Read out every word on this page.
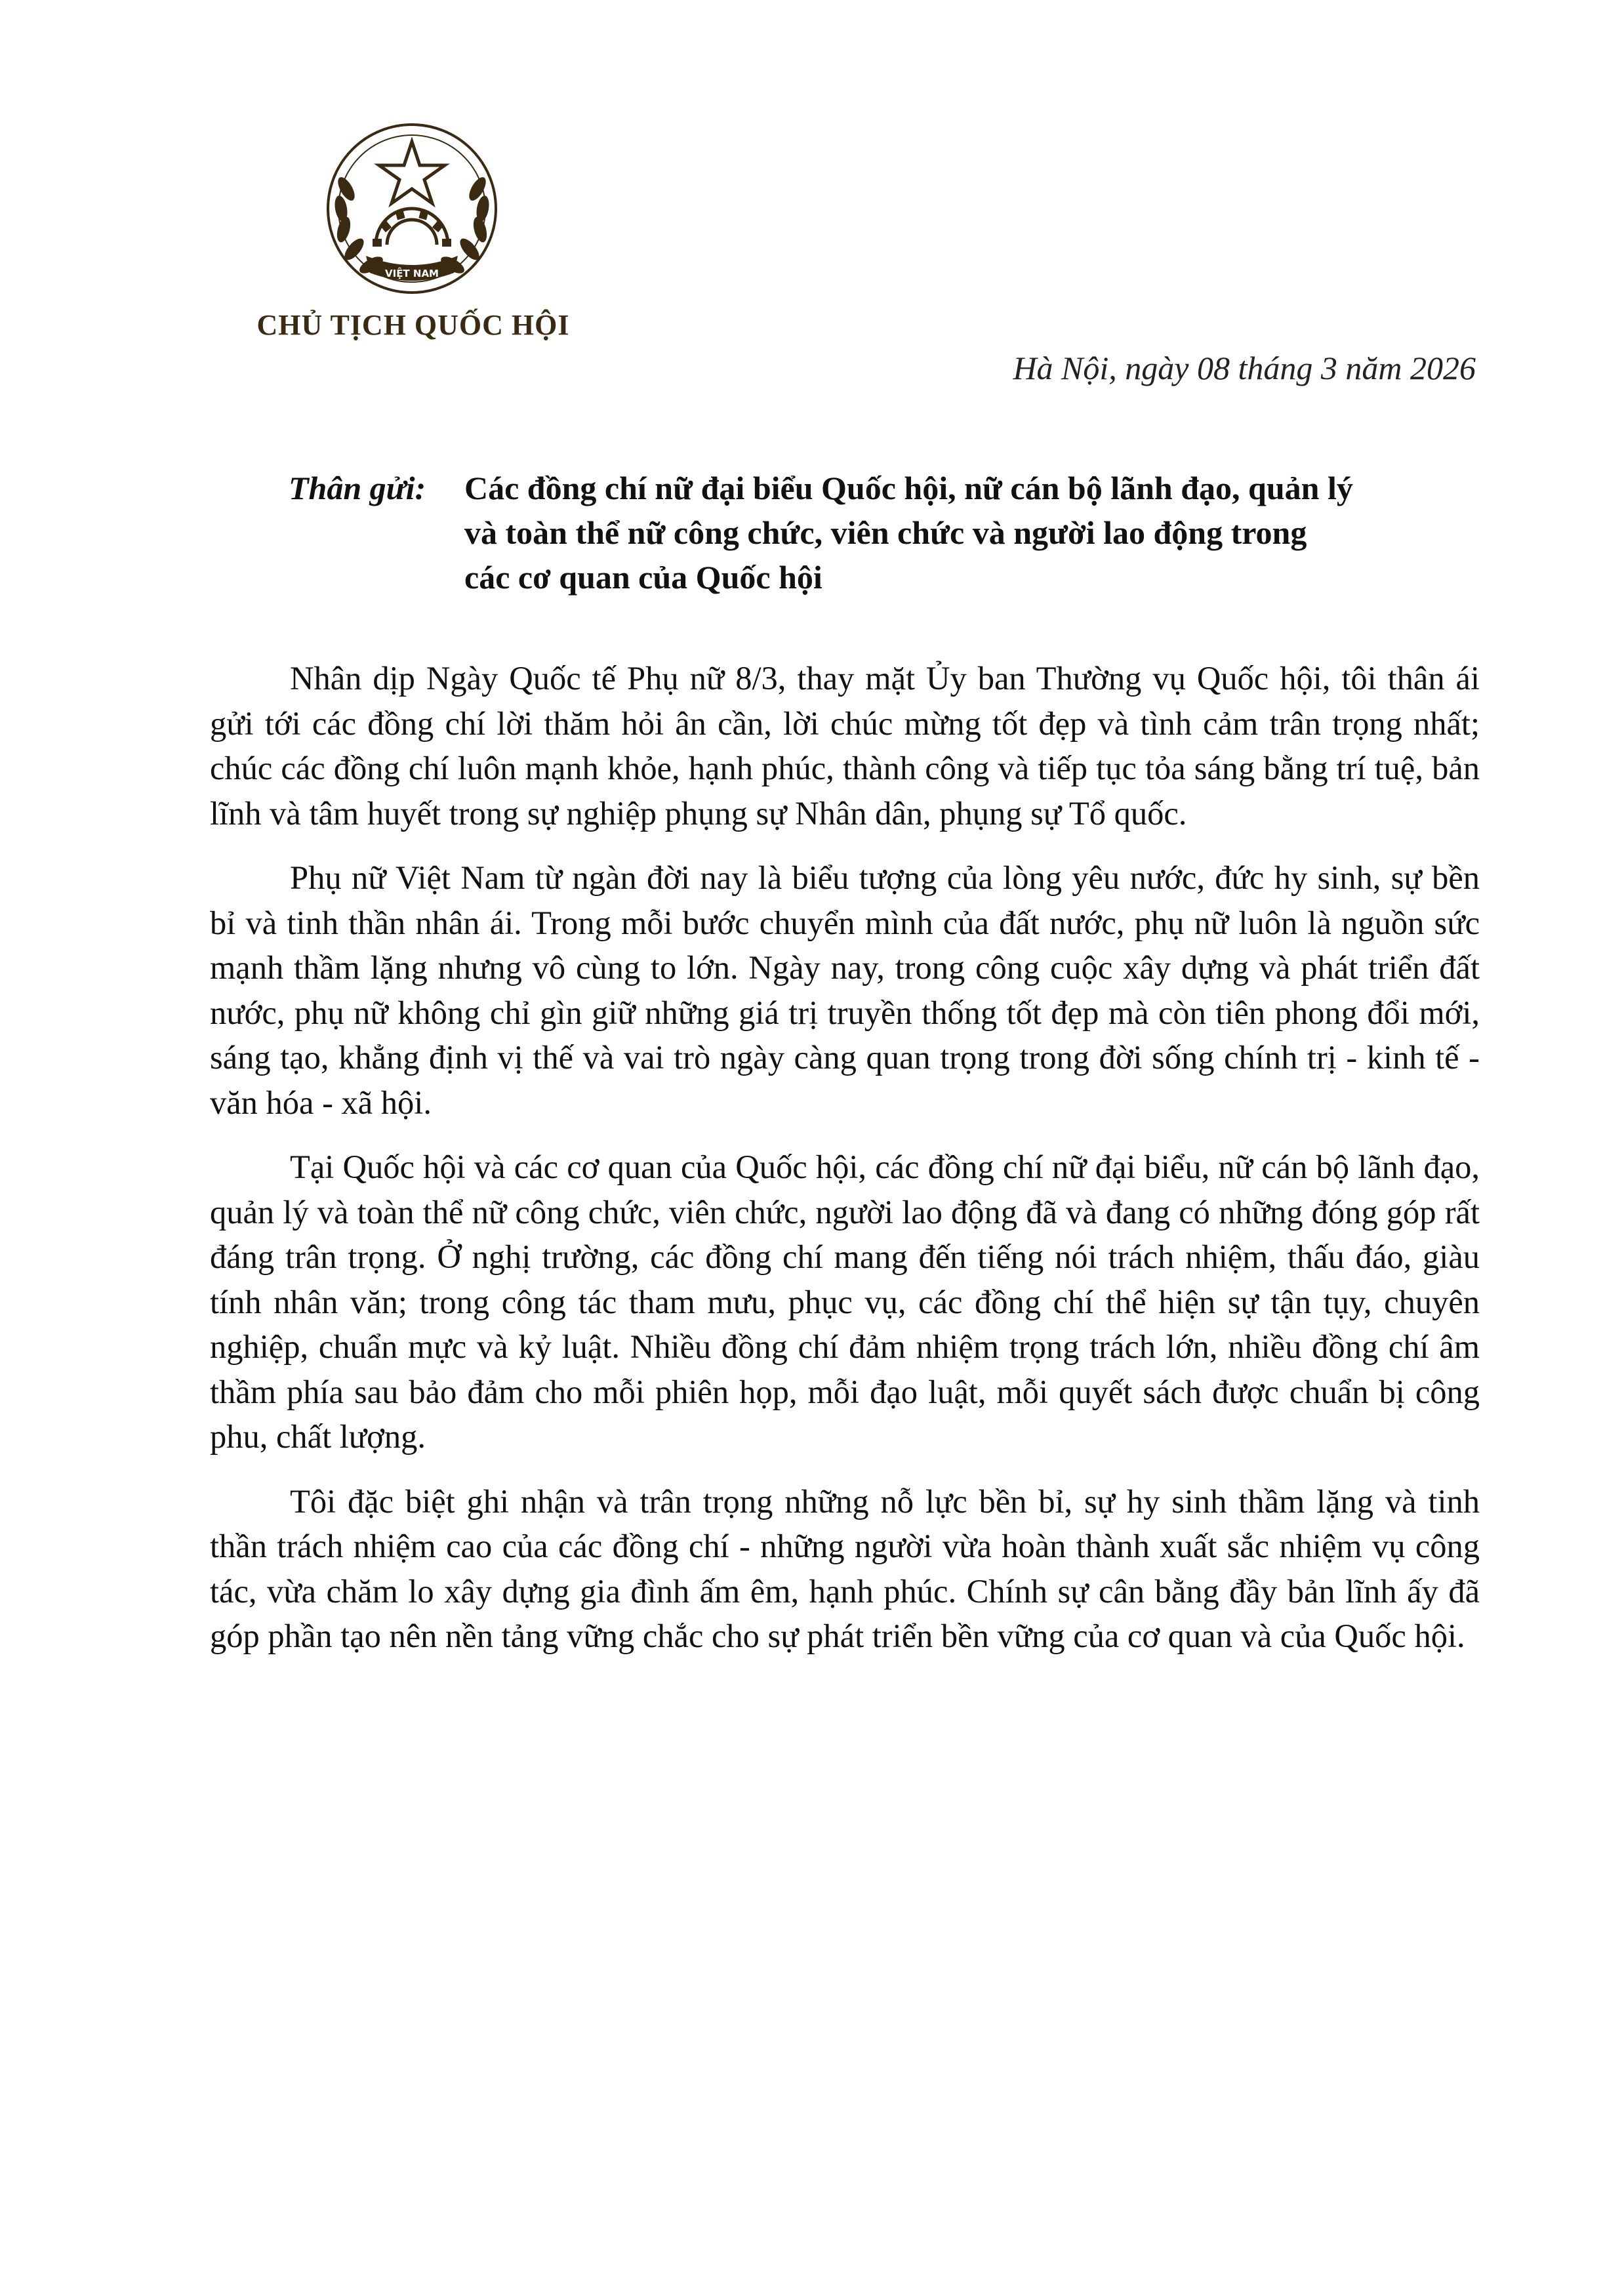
VIỆT NAM
CHỦ TỊCH QUỐC HỘI
Hà Nội, ngày 08 tháng 3 năm 2026
Thân gửi:	Các đồng chí nữ đại biểu Quốc hội, nữ cán bộ lãnh đạo, quản lý
và toàn thể nữ công chức, viên chức và người lao động trong
các cơ quan của Quốc hội

Nhân dịp Ngày Quốc tế Phụ nữ 8/3, thay mặt Ủy ban Thường vụ Quốc hội, tôi thân ái gửi tới các đồng chí lời thăm hỏi ân cần, lời chúc mừng tốt đẹp và tình cảm trân trọng nhất; chúc các đồng chí luôn mạnh khỏe, hạnh phúc, thành công và tiếp tục tỏa sáng bằng trí tuệ, bản lĩnh và tâm huyết trong sự nghiệp phụng sự Nhân dân, phụng sự Tổ quốc.

Phụ nữ Việt Nam từ ngàn đời nay là biểu tượng của lòng yêu nước, đức hy sinh, sự bền bỉ và tinh thần nhân ái. Trong mỗi bước chuyển mình của đất nước, phụ nữ luôn là nguồn sức mạnh thầm lặng nhưng vô cùng to lớn. Ngày nay, trong công cuộc xây dựng và phát triển đất nước, phụ nữ không chỉ gìn giữ những giá trị truyền thống tốt đẹp mà còn tiên phong đổi mới, sáng tạo, khẳng định vị thế và vai trò ngày càng quan trọng trong đời sống chính trị - kinh tế - văn hóa - xã hội.

Tại Quốc hội và các cơ quan của Quốc hội, các đồng chí nữ đại biểu, nữ cán bộ lãnh đạo, quản lý và toàn thể nữ công chức, viên chức, người lao động đã và đang có những đóng góp rất đáng trân trọng. Ở nghị trường, các đồng chí mang đến tiếng nói trách nhiệm, thấu đáo, giàu tính nhân văn; trong công tác tham mưu, phục vụ, các đồng chí thể hiện sự tận tụy, chuyên nghiệp, chuẩn mực và kỷ luật. Nhiều đồng chí đảm nhiệm trọng trách lớn, nhiều đồng chí âm thầm phía sau bảo đảm cho mỗi phiên họp, mỗi đạo luật, mỗi quyết sách được chuẩn bị công phu, chất lượng.

Tôi đặc biệt ghi nhận và trân trọng những nỗ lực bền bỉ, sự hy sinh thầm lặng và tinh thần trách nhiệm cao của các đồng chí - những người vừa hoàn thành xuất sắc nhiệm vụ công tác, vừa chăm lo xây dựng gia đình ấm êm, hạnh phúc. Chính sự cân bằng đầy bản lĩnh ấy đã góp phần tạo nên nền tảng vững chắc cho sự phát triển bền vững của cơ quan và của Quốc hội.
